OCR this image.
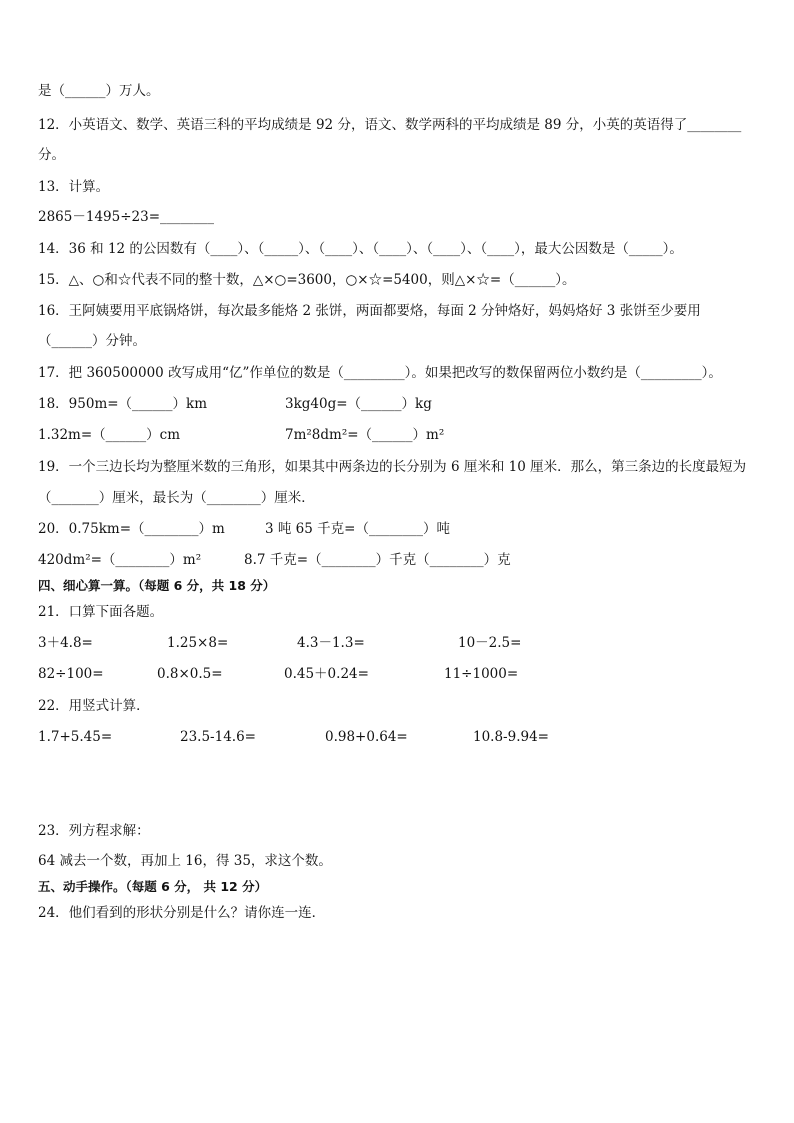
是（______）万人。
12．小英语文、数学、英语三科的平均成绩是 92 分，语文、数学两科的平均成绩是 89 分，小英的英语得了________
分。
13．计算。
2865－1495÷23=________
14．36 和 12 的公因数有（____）、（_____）、（____）、（____）、（____）、（____），最大公因数是（_____）。
15．△、○和☆代表不同的整十数，△×○=3600，○×☆=5400，则△×☆=（______）。
16．王阿姨要用平底锅烙饼，每次最多能烙 2 张饼，两面都要烙，每面 2 分钟烙好，妈妈烙好 3 张饼至少要用
（______）分钟。
17．把 360500000 改写成用“亿”作单位的数是（_________）。如果把改写的数保留两位小数约是（_________）。
18．950m=（______）km	3kg40g=（______）kg
1.32m=（______）cm	7m²8dm²=（______）m²
19．一个三边长均为整厘米数的三角形，如果其中两条边的长分别为 6 厘米和 10 厘米．那么，第三条边的长度最短为
（_______）厘米，最长为（________）厘米．
20．0.75km=（________）m	3 吨 65 千克=（________）吨
420dm²=（________）m²	8.7 千克=（________）千克（________）克
四、细心算一算。（每题 6 分，共 18 分）
21．口算下面各题。
3＋4.8=	1.25×8=	4.3－1.3=	10－2.5=
82÷100=	0.8×0.5=	0.45＋0.24=	11÷1000=
22．用竖式计算．
1.7+5.45=	23.5-14.6=	0.98+0.64=	10.8-9.94=
23．列方程求解：
64 减去一个数，再加上 16，得 35，求这个数。
五、动手操作。（每题 6 分， 共 12 分）
24．他们看到的形状分别是什么？请你连一连．
